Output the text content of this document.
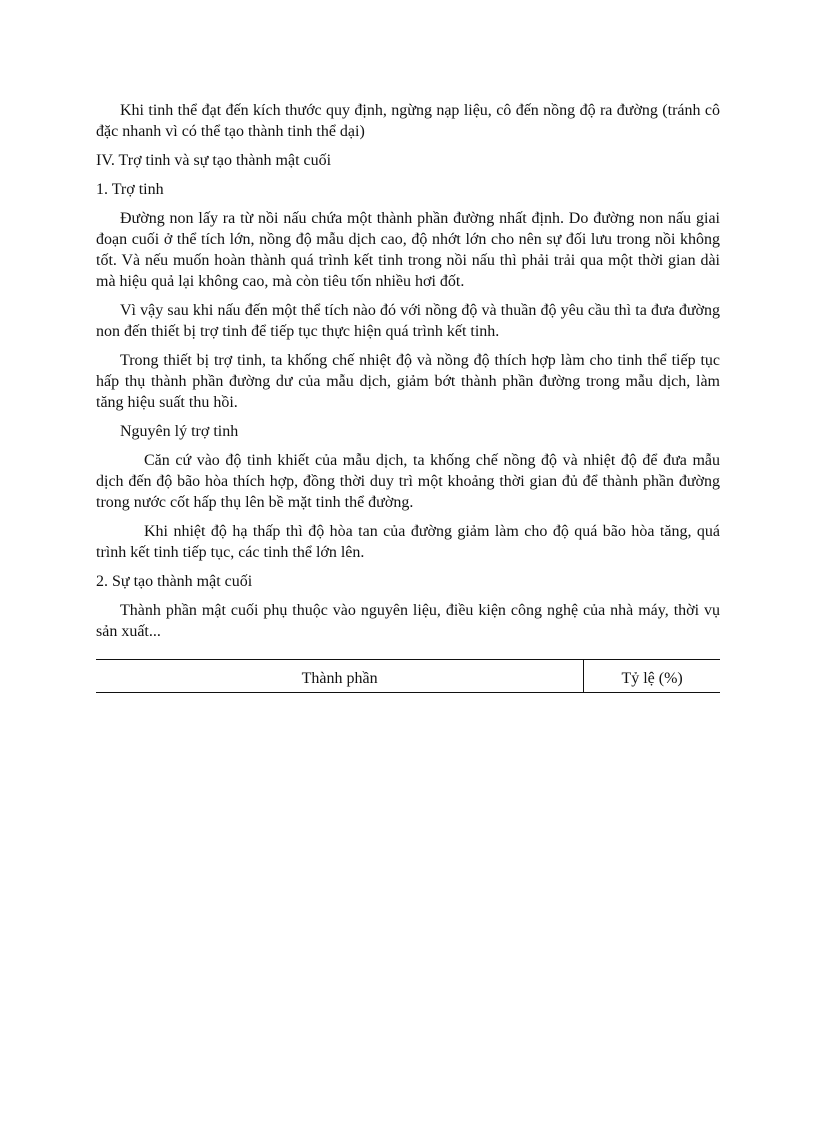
Khi tinh thể đạt đến kích thước quy định, ngừng nạp liệu, cô đến nồng độ ra đường (tránh cô đặc nhanh vì có thể tạo thành tinh thể dại)

IV. Trợ tinh và sự tạo thành mật cuối

1. Trợ tinh

Đường non lấy ra từ nồi nấu chứa một thành phần đường nhất định. Do đường non nấu giai đoạn cuối ở thể tích lớn, nồng độ mẫu dịch cao, độ nhớt lớn cho nên sự đối lưu trong nồi không tốt. Và nếu muốn hoàn thành quá trình kết tinh trong nồi nấu thì phải trải qua một thời gian dài mà hiệu quả lại không cao, mà còn tiêu tốn nhiều hơi đốt.

Vì vậy sau khi nấu đến một thể tích nào đó với nồng độ và thuần độ yêu cầu thì ta đưa đường non đến thiết bị trợ tinh để tiếp tục thực hiện quá trình kết tinh.

Trong thiết bị trợ tinh, ta khống chế nhiệt độ và nồng độ thích hợp làm cho tinh thể tiếp tục hấp thụ thành phần đường dư của mẫu dịch, giảm bớt thành phần đường trong mẫu dịch, làm tăng hiệu suất thu hồi.

Nguyên lý trợ tinh

Căn cứ vào độ tinh khiết của mẫu dịch, ta khống chế nồng độ và nhiệt độ để đưa mẫu dịch đến độ bão hòa thích hợp, đồng thời duy trì một khoảng thời gian đủ để thành phần đường trong nước cốt hấp thụ lên bề mặt tinh thể đường.

Khi nhiệt độ hạ thấp thì độ hòa tan của đường giảm làm cho độ quá bão hòa tăng, quá trình kết tinh tiếp tục, các tinh thể lớn lên.

2. Sự tạo thành mật cuối

Thành phần mật cuối phụ thuộc vào nguyên liệu, điều kiện công nghệ của nhà máy, thời vụ sản xuất...

Thành phần	Tỷ lệ (%)
